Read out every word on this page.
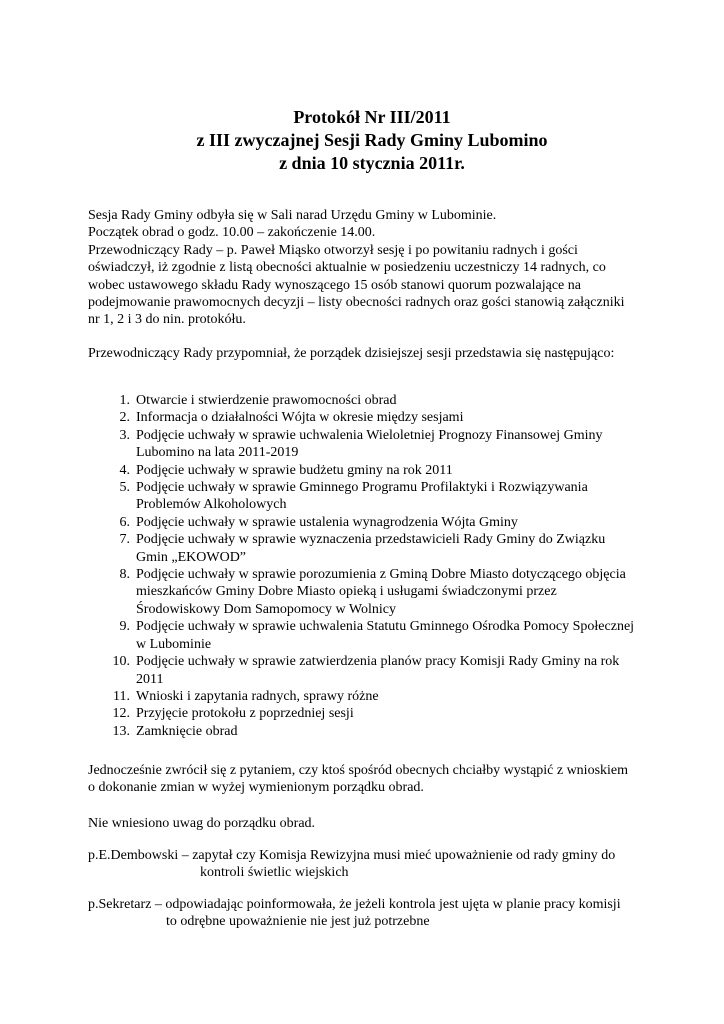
Protokół Nr III/2011
z III zwyczajnej Sesji Rady Gminy Lubomino
z dnia 10 stycznia 2011r.

Sesja Rady Gminy odbyła się w Sali narad Urzędu Gminy w Lubominie.

Początek obrad o godz. 10.00 – zakończenie 14.00.

Przewodniczący Rady – p. Paweł Miąsko otworzył sesję i po powitaniu radnych i gości

oświadczył, iż zgodnie z listą obecności aktualnie w posiedzeniu uczestniczy 14 radnych, co

wobec ustawowego składu Rady wynoszącego 15 osób stanowi quorum pozwalające na

podejmowanie prawomocnych decyzji – listy obecności radnych oraz gości stanowią załączniki

nr 1, 2 i 3 do nin. protokółu.

Przewodniczący Rady przypomniał, że porządek dzisiejszej sesji przedstawia się następująco:

1. Otwarcie i stwierdzenie prawomocności obrad
2. Informacja o działalności Wójta w okresie między sesjami
3. Podjęcie uchwały w sprawie uchwalenia Wieloletniej Prognozy Finansowej Gminy
Lubomino na lata 2011-2019
4. Podjęcie uchwały w sprawie budżetu gminy na rok 2011
5. Podjęcie uchwały w sprawie Gminnego Programu Profilaktyki i Rozwiązywania
Problemów Alkoholowych
6. Podjęcie uchwały w sprawie ustalenia wynagrodzenia Wójta Gminy
7. Podjęcie uchwały w sprawie wyznaczenia przedstawicieli Rady Gminy do Związku
Gmin „EKOWOD”
8. Podjęcie uchwały w sprawie porozumienia z Gminą Dobre Miasto dotyczącego objęcia
mieszkańców Gminy Dobre Miasto opieką i usługami świadczonymi przez
Środowiskowy Dom Samopomocy w Wolnicy
9. Podjęcie uchwały w sprawie uchwalenia Statutu Gminnego Ośrodka Pomocy Społecznej
w Lubominie
10. Podjęcie uchwały w sprawie zatwierdzenia planów pracy Komisji Rady Gminy na rok
2011
11. Wnioski i zapytania radnych, sprawy różne
12. Przyjęcie protokołu z poprzedniej sesji
13. Zamknięcie obrad

Jednocześnie zwrócił się z pytaniem, czy ktoś spośród obecnych chciałby wystąpić z wnioskiem

o dokonanie zmian w wyżej wymienionym porządku obrad.

Nie wniesiono uwag do porządku obrad.

p.E.Dembowski – zapytał czy Komisja Rewizyjna musi mieć upoważnienie od rady gminy do

kontroli świetlic wiejskich

p.Sekretarz – odpowiadając poinformowała, że jeżeli kontrola jest ujęta w planie pracy komisji

to odrębne upoważnienie nie jest już potrzebne
